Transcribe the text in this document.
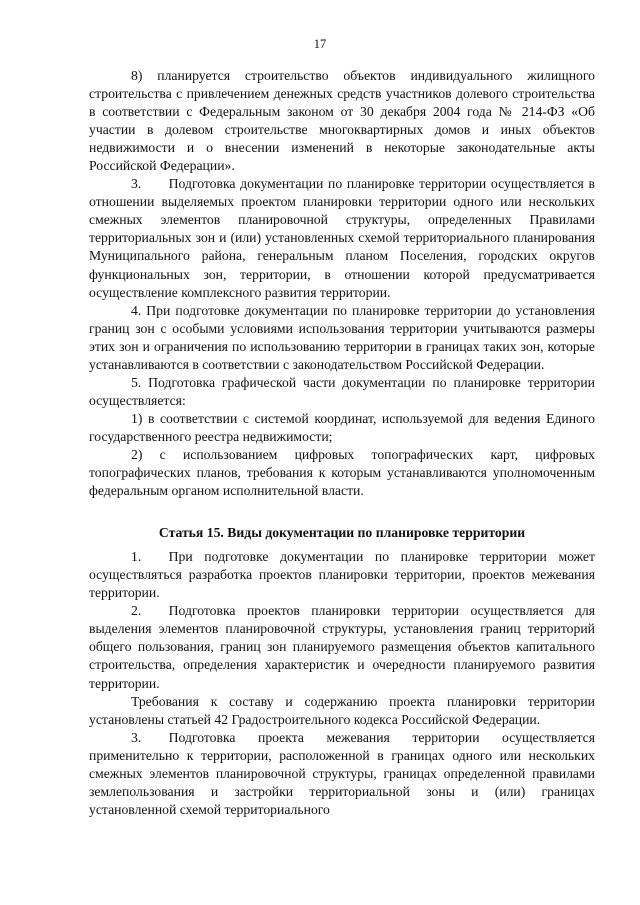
17

8) планируется строительство объектов индивидуального жилищного строительства с привлечением денежных средств участников долевого строительства в соответствии с Федеральным законом от 30 декабря 2004 года № 214-ФЗ «Об участии в долевом строительстве многоквартирных домов и иных объектов недвижимости и о внесении изменений в некоторые законодательные акты Российской Федерации».

3.  Подготовка документации по планировке территории осуществляется в отношении выделяемых проектом планировки территории одного или нескольких смежных элементов планировочной структуры, определенных Правилами территориальных зон и (или) установленных схемой территориального планирования Муниципального района, генеральным планом Поселения, городских округов функциональных зон, территории, в отношении которой предусматривается осуществление комплексного развития территории.

4. При подготовке документации по планировке территории до установления границ зон с особыми условиями использования территории учитываются размеры этих зон и ограничения по использованию территории в границах таких зон, которые устанавливаются в соответствии с законодательством Российской Федерации.

5. Подготовка графической части документации по планировке территории осуществляется:

1) в соответствии с системой координат, используемой для ведения Единого государственного реестра недвижимости;

2) с использованием цифровых топографических карт, цифровых топографических планов, требования к которым устанавливаются уполномоченным федеральным органом исполнительной власти.

Статья 15. Виды документации по планировке территории

1.  При подготовке документации по планировке территории может осуществляться разработка проектов планировки территории, проектов межевания территории.

2.  Подготовка проектов планировки территории осуществляется для выделения элементов планировочной структуры, установления границ территорий общего пользования, границ зон планируемого размещения объектов капитального строительства, определения характеристик и очередности планируемого развития территории.

Требования к составу и содержанию проекта планировки территории установлены статьей 42 Градостроительного кодекса Российской Федерации.

3.  Подготовка проекта межевания территории осуществляется применительно к территории, расположенной в границах одного или нескольких смежных элементов планировочной структуры, границах определенной правилами землепользования и застройки территориальной зоны и (или) границах установленной схемой территориального
